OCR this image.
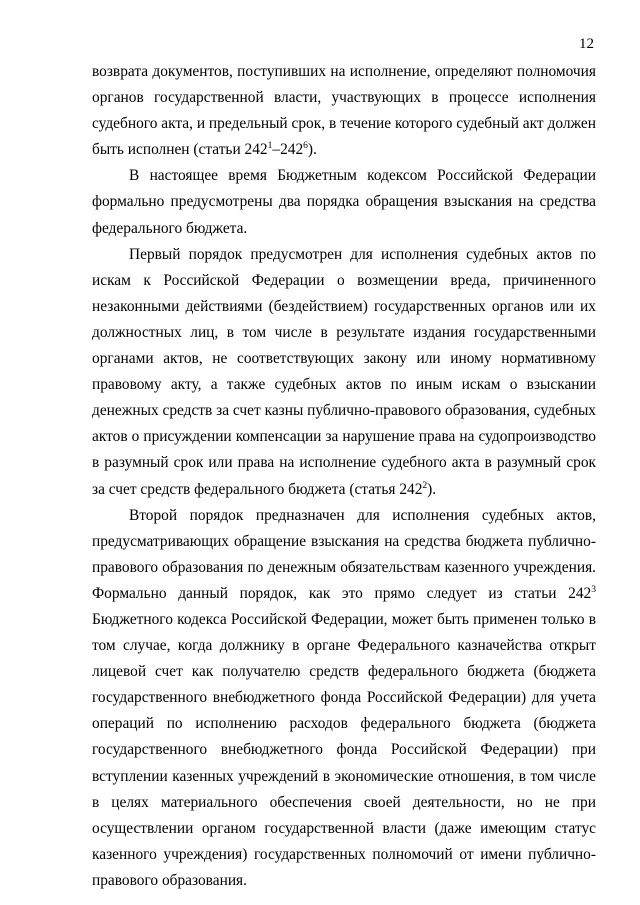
12

возврата документов, поступивших на исполнение, определяют полномочия органов государственной власти, участвующих в процессе исполнения судебного акта, и предельный срок, в течение которого судебный акт должен быть исполнен (статьи $242^1-242^6$).

В настоящее время Бюджетным кодексом Российской Федерации формально предусмотрены два порядка обращения взыскания на средства федерального бюджета.

Первый порядок предусмотрен для исполнения судебных актов по искам к Российской Федерации о возмещении вреда, причиненного незаконными действиями (бездействием) государственных органов или их должностных лиц, в том числе в результате издания государственными органами актов, не соответствующих закону или иному нормативному правовому акту, а также судебных актов по иным искам о взыскании денежных средств за счет казны публично-правового образования, судебных актов о присуждении компенсации за нарушение права на судопроизводство в разумный срок или права на исполнение судебного акта в разумный срок за счет средств федерального бюджета (статья $242^2$).

Второй порядок предназначен для исполнения судебных актов, предусматривающих обращение взыскания на средства бюджета публично-правового образования по денежным обязательствам казенного учреждения. Формально данный порядок, как это прямо следует из статьи $242^3$ Бюджетного кодекса Российской Федерации, может быть применен только в том случае, когда должнику в органе Федерального казначейства открыт лицевой счет как получателю средств федерального бюджета (бюджета государственного внебюджетного фонда Российской Федерации) для учета операций по исполнению расходов федерального бюджета (бюджета государственного внебюджетного фонда Российской Федерации) при вступлении казенных учреждений в экономические отношения, в том числе в целях материального обеспечения своей деятельности, но не при осуществлении органом государственной власти (даже имеющим статус казенного учреждения) государственных полномочий от имени публично-правового образования.
